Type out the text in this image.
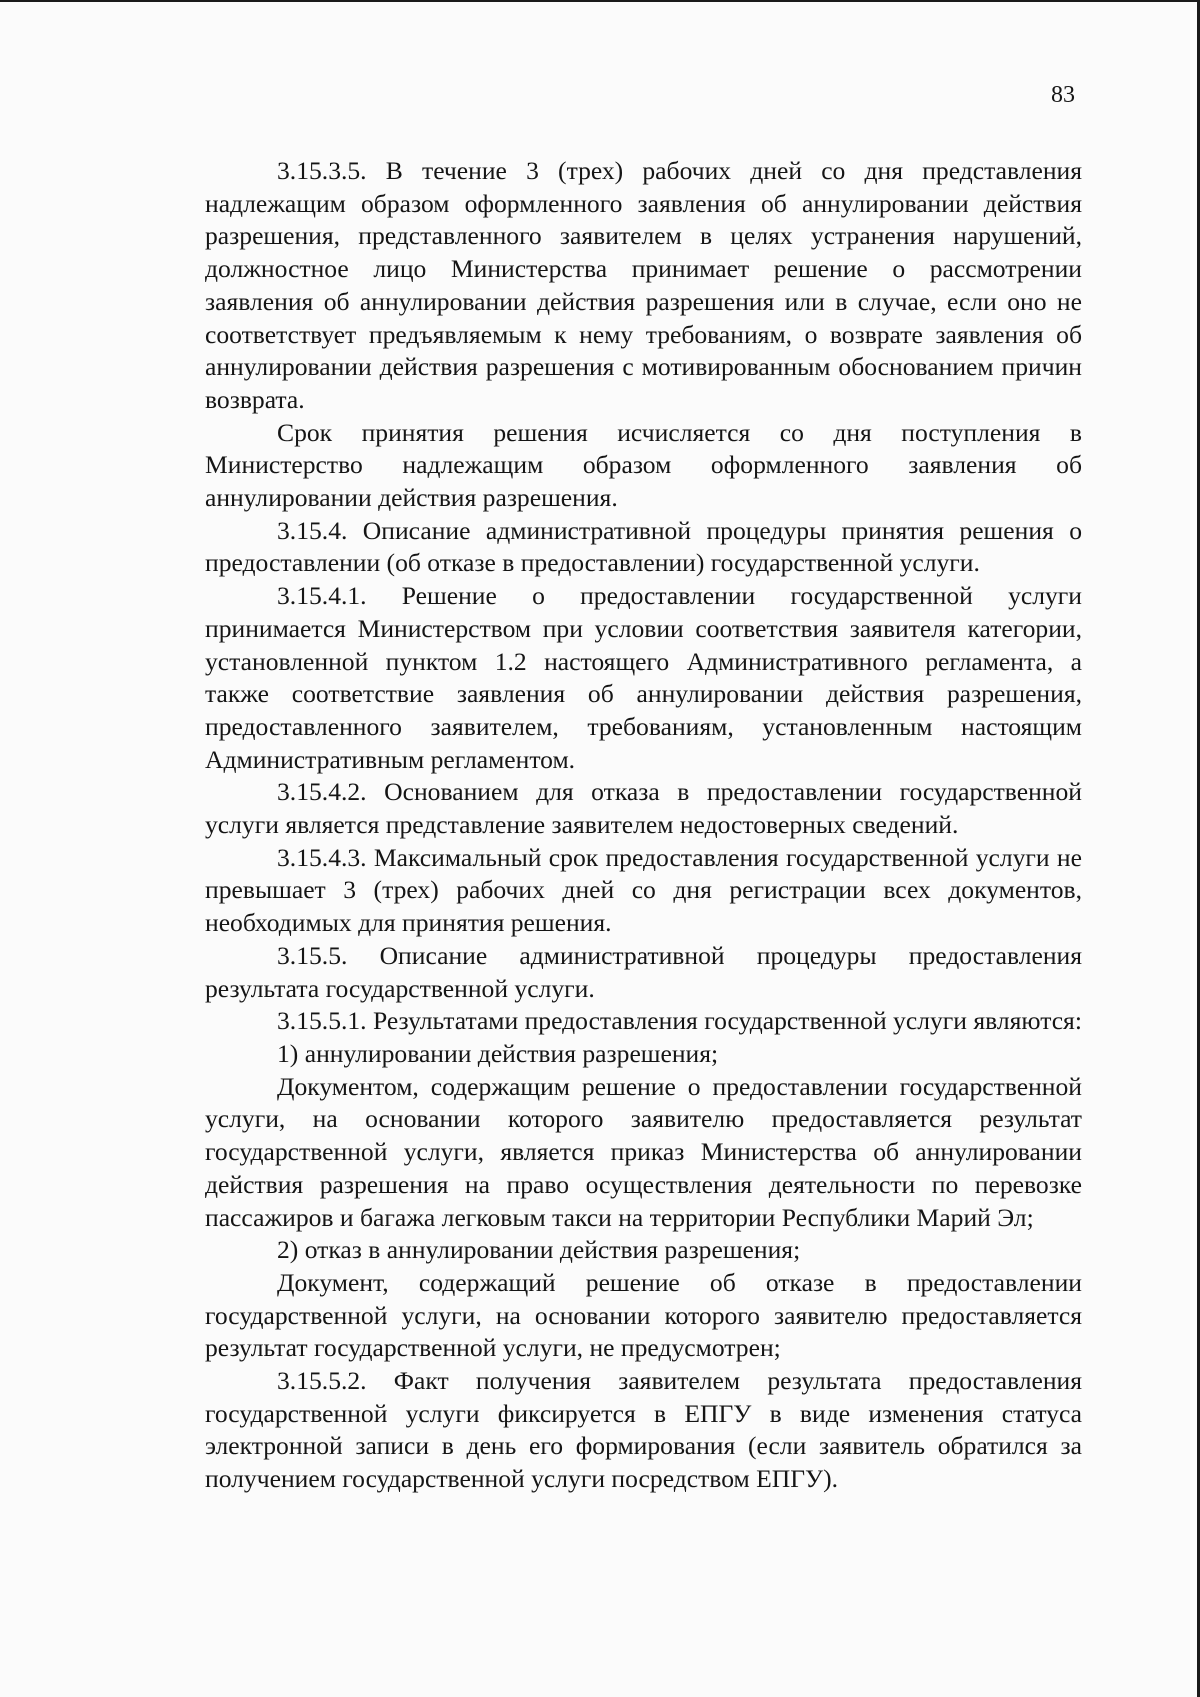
83

3.15.3.5. В течение 3 (трех) рабочих дней со дня представления надлежащим образом оформленного заявления об аннулировании действия разрешения, представленного заявителем в целях устранения нарушений, должностное лицо Министерства принимает решение о рассмотрении заявления об аннулировании действия разрешения или в случае, если оно не соответствует предъявляемым к нему требованиям, о возврате заявления об аннулировании действия разрешения с мотивированным обоснованием причин возврата.

Срок принятия решения исчисляется со дня поступления в Министерство надлежащим образом оформленного заявления об аннулировании действия разрешения.

3.15.4. Описание административной процедуры принятия решения о предоставлении (об отказе в предоставлении) государственной услуги.

3.15.4.1. Решение о предоставлении государственной услуги принимается Министерством при условии соответствия заявителя категории, установленной пунктом 1.2 настоящего Административного регламента, а также соответствие заявления об аннулировании действия разрешения, предоставленного заявителем, требованиям, установленным настоящим Административным регламентом.

3.15.4.2. Основанием для отказа в предоставлении государственной услуги является представление заявителем недостоверных сведений.

3.15.4.3. Максимальный срок предоставления государственной услуги не превышает 3 (трех) рабочих дней со дня регистрации всех документов, необходимых для принятия решения.

3.15.5. Описание административной процедуры предоставления результата государственной услуги.

3.15.5.1. Результатами предоставления государственной услуги являются:

1) аннулировании действия разрешения;

Документом, содержащим решение о предоставлении государственной услуги, на основании которого заявителю предоставляется результат государственной услуги, является приказ Министерства об аннулировании действия разрешения на право осуществления деятельности по перевозке пассажиров и багажа легковым такси на территории Республики Марий Эл;

2) отказ в аннулировании действия разрешения;

Документ, содержащий решение об отказе в предоставлении государственной услуги, на основании которого заявителю предоставляется результат государственной услуги, не предусмотрен;

3.15.5.2. Факт получения заявителем результата предоставления государственной услуги фиксируется в ЕПГУ в виде изменения статуса электронной записи в день его формирования (если заявитель обратился за получением государственной услуги посредством ЕПГУ).
